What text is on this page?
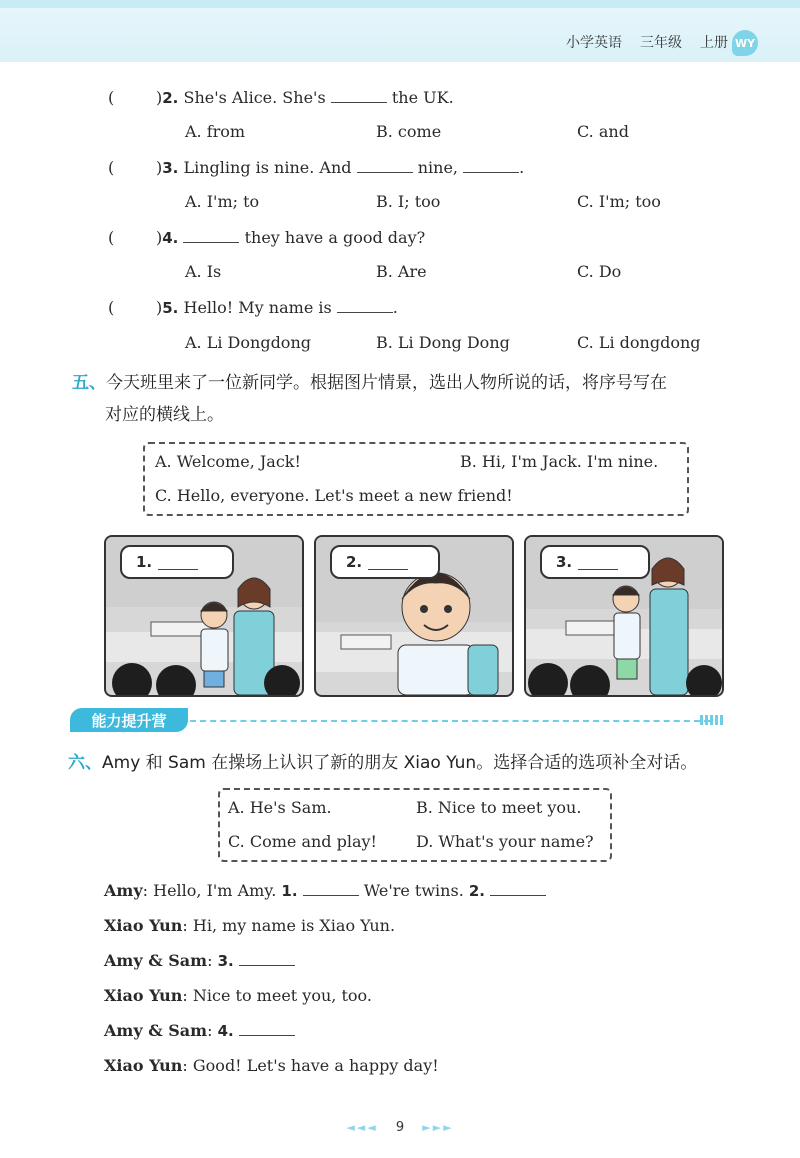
小学英语 三年级 上册 WY
(	)2. She's Alice. She's	the UK.
A. from	B. come	C. and
(	)3. Lingling is nine. And	nine,	.
A. I'm; to	B. I; too	C. I'm; too
(	)4.	they have a good day?
A. Is	B. Are	C. Do
(	)5. Hello! My name is	.
A. Li Dongdong	B. Li Dong Dong	C. Li dongdong
五、今天班里来了一位新同学。根据图片情景，选出人物所说的话，将序号写在
对应的横线上。
A. Welcome, Jack!	B. Hi, I'm Jack. I'm nine.
C. Hello, everyone. Let's meet a new friend!
1.	2.	3.
能力提升营
六、Amy 和 Sam 在操场上认识了新的朋友 Xiao Yun。选择合适的选项补全对话。
A. He's Sam.	B. Nice to meet you.
C. Come and play! D. What's your name?
Amy: Hello, I'm Amy. 1.	We're twins. 2.
Xiao Yun: Hi, my name is Xiao Yun.
Amy & Sam: 3.
Xiao Yun: Nice to meet you, too.
Amy & Sam: 4.
Xiao Yun: Good! Let's have a happy day!
◄◄◄ 9 ►►►
